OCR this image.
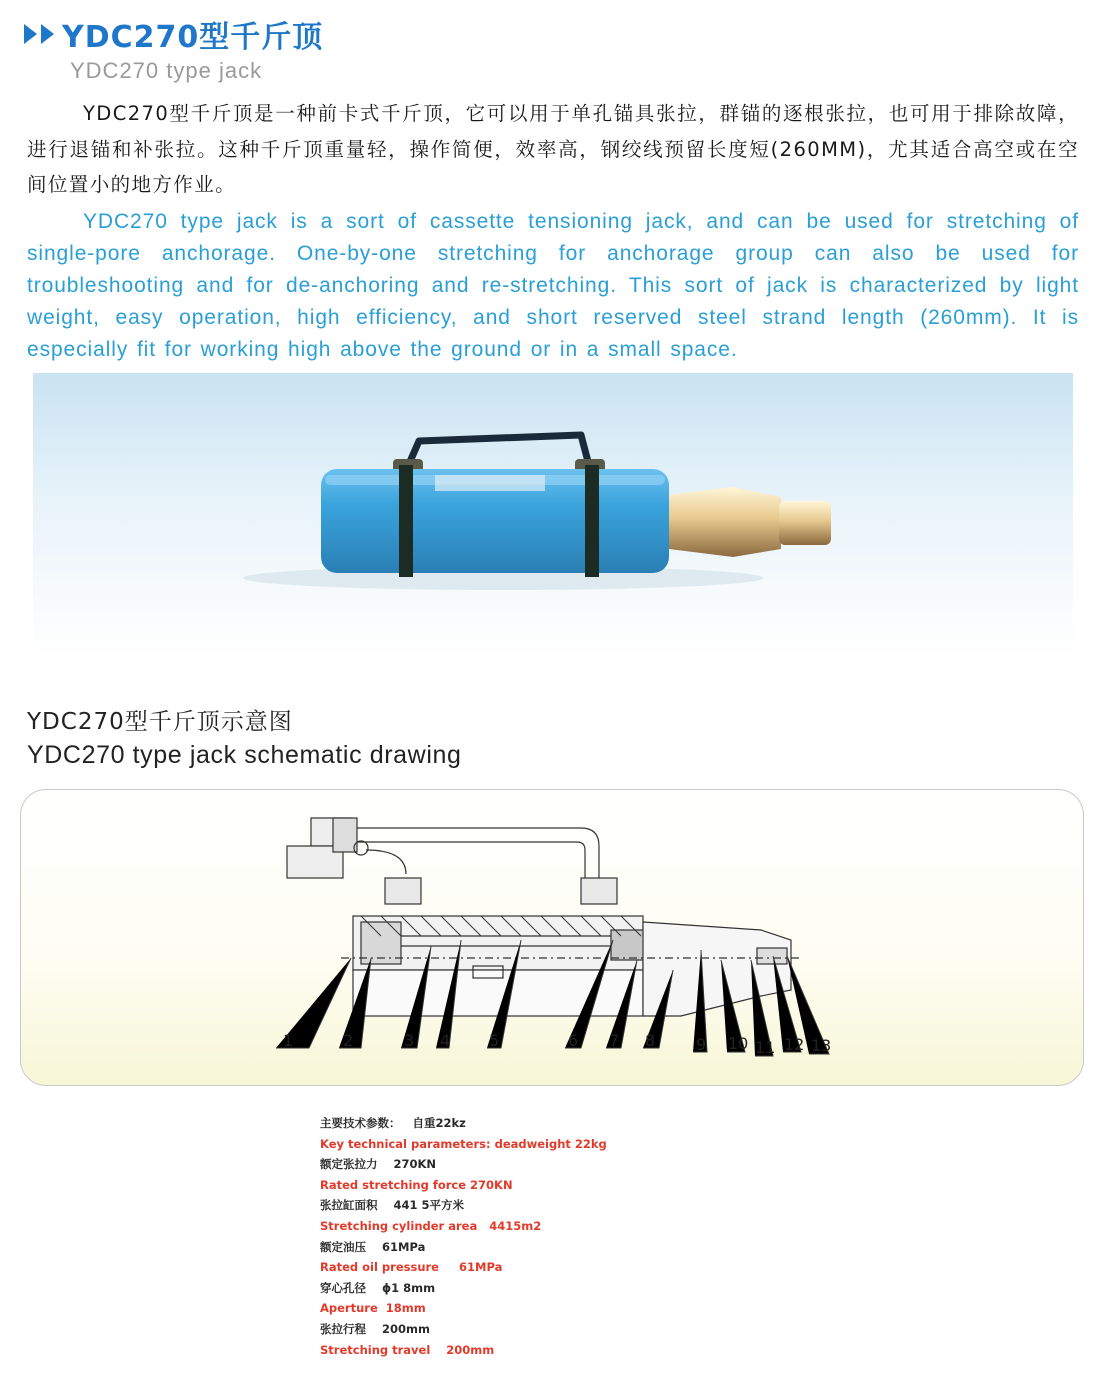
YDC270型千斤顶
YDC270 type jack

YDC270型千斤顶是一种前卡式千斤顶，它可以用于单孔锚具张拉，群锚的逐根张拉，也可用于排除故障，进行退锚和补张拉。这种千斤顶重量轻，操作简便，效率高，钢绞线预留长度短(260MM)，尤其适合高空或在空间位置小的地方作业。

YDC270 type jack is a sort of cassette tensioning jack, and can be used for stretching of single-pore anchorage. One-by-one stretching for anchorage group can also be used for troubleshooting and for de-anchoring and re-stretching. This sort of jack is characterized by light weight, easy operation, high efficiency, and short reserved steel strand length (260mm). It is especially fit for working high above the ground or in a small space.

YDC270型千斤顶示意图
YDC270 type jack schematic drawing
1	2	3 4 5	6 7 8	9 10 11 12 13
主要技术参数：   自重22kz
Key technical parameters: deadweight 22kg
额定张拉力    270KN
Rated stretching force 270KN
张拉缸面积    441 5平方米
Stretching cylinder area   4415m2
额定油压    61MPa
Rated oil pressure     61MPa
穿心孔径    ϕ1 8mm
Aperture  18mm
张拉行程    200mm
Stretching travel    200mm
